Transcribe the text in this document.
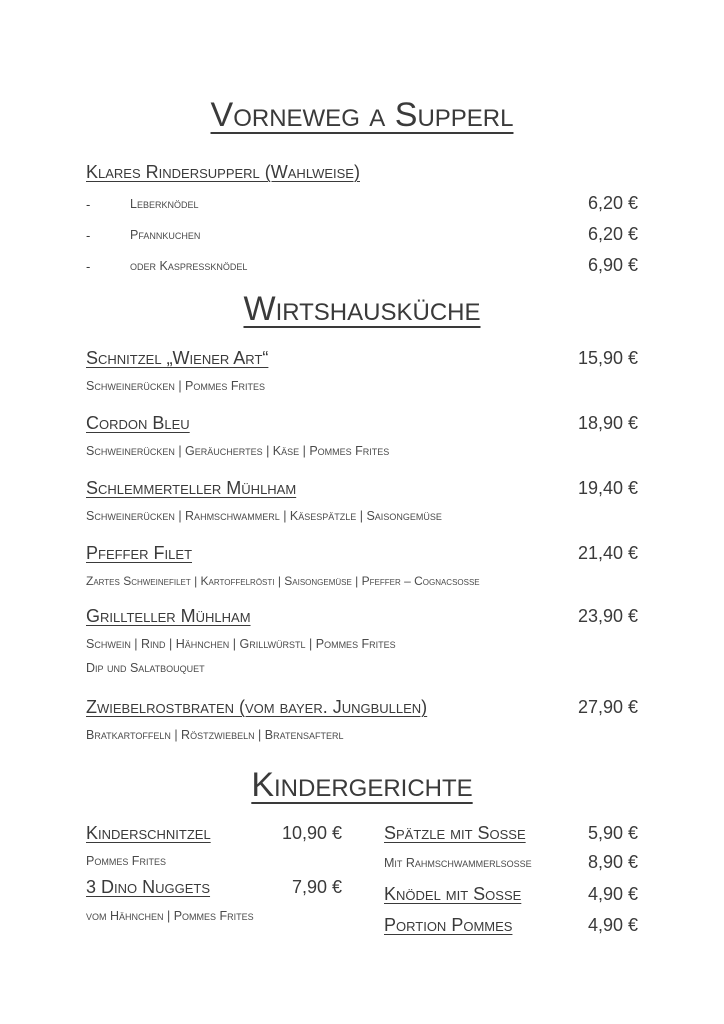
Vorneweg a Supperl
Klares Rindersupperl (Wahlweise)
-	Leberknödel	6,20 €
-	Pfannkuchen	6,20 €
-	oder Kaspressknödel	6,90 €
Wirtshausküche
Schnitzel „Wiener Art“	15,90 €
Schweinerücken | Pommes Frites
Cordon Bleu	18,90 €
Schweinerücken | Geräuchertes | Käse | Pommes Frites
Schlemmerteller Mühlham	19,40 €
Schweinerücken | Rahmschwammerl | Käsespätzle | Saisongemüse
Pfeffer Filet	21,40 €
Zartes Schweinefilet | Kartoffelrösti | Saisongemüse | Pfeffer – Cognacsoße
Grillteller Mühlham	23,90 €
Schwein | Rind | Hähnchen | Grillwürstl | Pommes Frites
Dip und Salatbouquet
Zwiebelrostbraten (vom bayer. Jungbullen)	27,90 €
Bratkartoffeln | Röstzwiebeln | Bratensafterl
Kindergerichte
Kinderschnitzel	10,90 €
Pommes Frites
3 Dino Nuggets	7,90 €
vom Hähnchen | Pommes Frites
Spätzle mit Soße	5,90 €
Mit Rahmschwammerlsoße	8,90 €
Knödel mit Soße	4,90 €
Portion Pommes	4,90 €
